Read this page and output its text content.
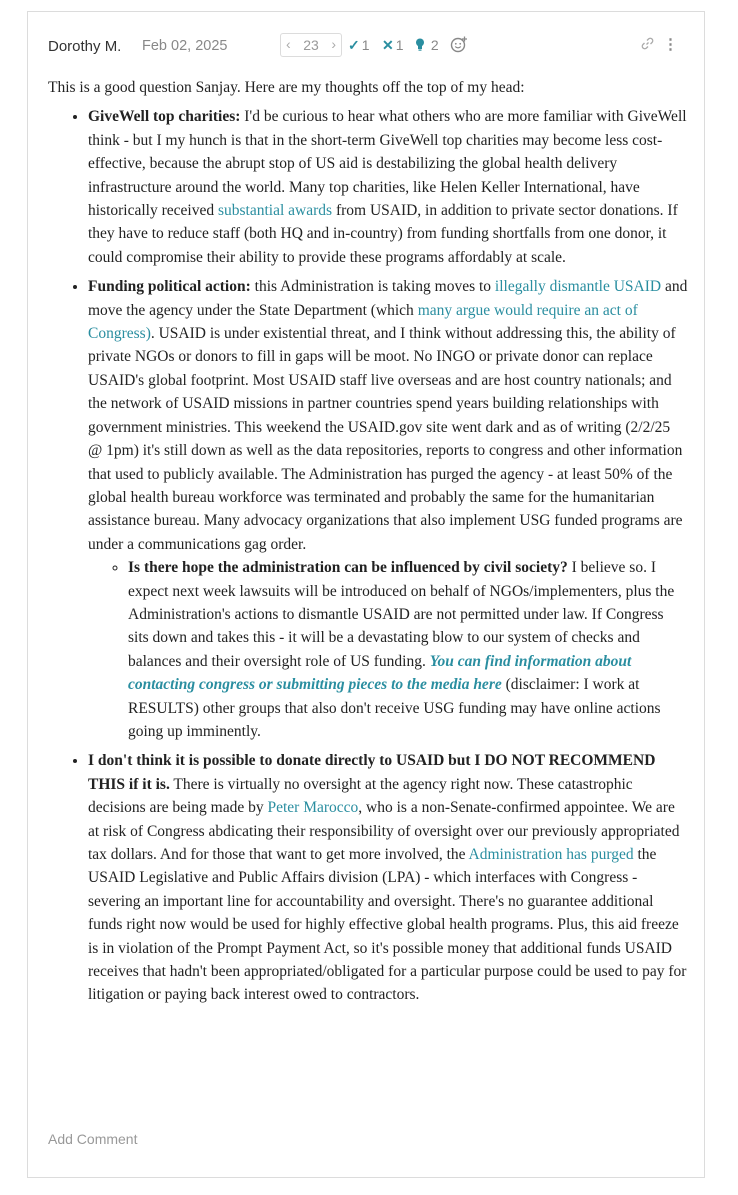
Dorothy M. Feb 02, 2025	‹ 23 › ✓ 1 ✕ 1	2	⋮

This is a good question Sanjay. Here are my thoughts off the top of my head:

• GiveWell top charities: I'd be curious to hear what others who are more familiar with GiveWell think - but I my hunch is that in the short-term GiveWell top charities may become less cost-effective, because the abrupt stop of US aid is destabilizing the global health delivery infrastructure around the world. Many top charities, like Helen Keller International, have historically received substantial awards from USAID, in addition to private sector donations. If they have to reduce staff (both HQ and in-country) from funding shortfalls from one donor, it could compromise their ability to provide these programs affordably at scale.
• Funding political action: this Administration is taking moves to illegally dismantle USAID and move the agency under the State Department (which many argue would require an act of Congress). USAID is under existential threat, and I think without addressing this, the ability of private NGOs or donors to fill in gaps will be moot. No INGO or private donor can replace USAID's global footprint. Most USAID staff live overseas and are host country nationals; and the network of USAID missions in partner countries spend years building relationships with government ministries. This weekend the USAID.gov site went dark and as of writing (2/2/25 @ 1pm) it's still down as well as the data repositories, reports to congress and other information that used to publicly available. The Administration has purged the agency - at least 50% of the global health bureau workforce was terminated and probably the same for the humanitarian assistance bureau. Many advocacy organizations that also implement USG funded programs are under a communications gag order.
◦ Is there hope the administration can be influenced by civil society? I believe so. I expect next week lawsuits will be introduced on behalf of NGOs/implementers, plus the Administration's actions to dismantle USAID are not permitted under law. If Congress sits down and takes this - it will be a devastating blow to our system of checks and balances and their oversight role of US funding. You can find information about contacting congress or submitting pieces to the media here (disclaimer: I work at RESULTS) other groups that also don't receive USG funding may have online actions going up imminently.
• I don't think it is possible to donate directly to USAID but I DO NOT RECOMMEND THIS if it is. There is virtually no oversight at the agency right now. These catastrophic decisions are being made by Peter Marocco, who is a non-Senate-confirmed appointee. We are at risk of Congress abdicating their responsibility of oversight over our previously appropriated tax dollars. And for those that want to get more involved, the Administration has purged the USAID Legislative and Public Affairs division (LPA) - which interfaces with Congress - severing an important line for accountability and oversight. There's no guarantee additional funds right now would be used for highly effective global health programs. Plus, this aid freeze is in violation of the Prompt Payment Act, so it's possible money that additional funds USAID receives that hadn't been appropriated/obligated for a particular purpose could be used to pay for litigation or paying back interest owed to contractors.
Add Comment
